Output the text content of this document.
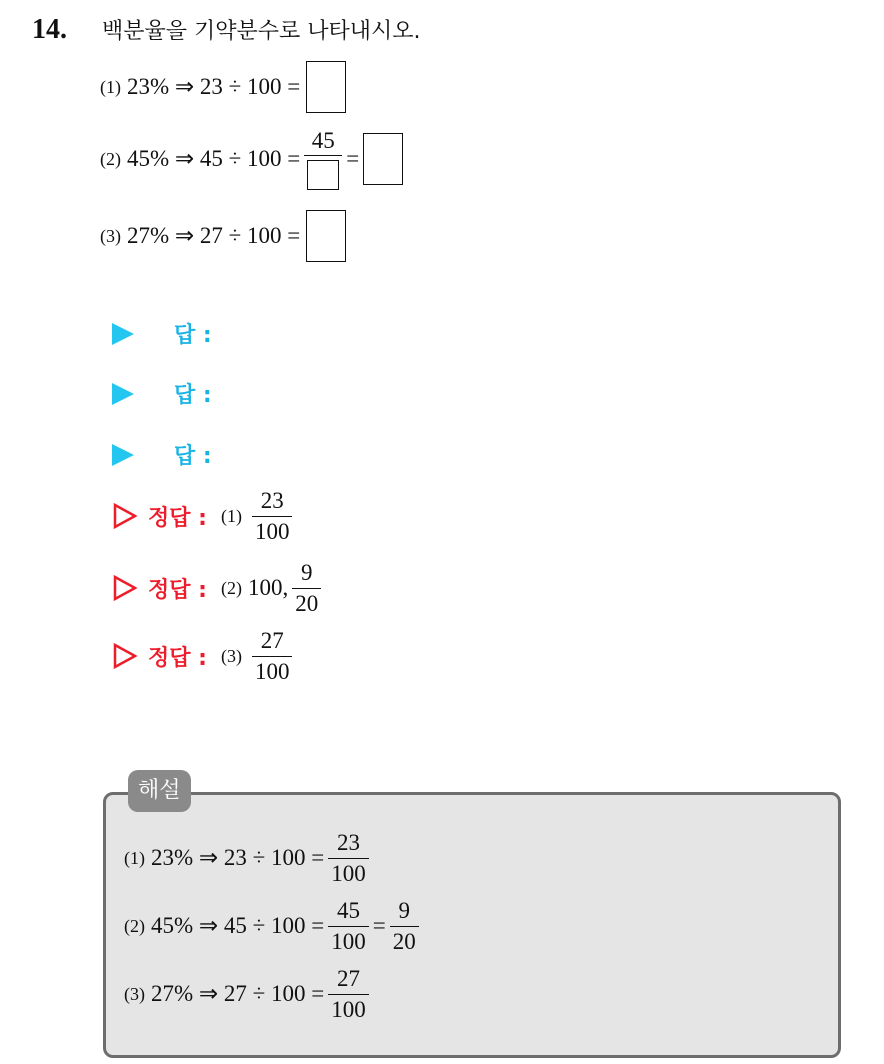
14. 백분율을 기약분수로 나타내시오.
(1) 23% ⇒ 23 ÷ 100 =
(2) 45% ⇒ 45 ÷ 100 =
45
=
(3) 27% ⇒ 27 ÷ 100 =
답 :
답 :
답 :
정답 : $(1) \frac{23}{100}$
정답 : (2) 100, $\frac{9}{20}$
정답 : $(3) \frac{27}{100}$
해설
(1) 23% ⇒ $23 \div 100 = \frac{23}{100}$
(2) 45% ⇒ $45 \div 100 = \frac{45}{100} = \frac{9}{20}$
(3) 27% ⇒ $27 \div 100 = \frac{27}{100}$
